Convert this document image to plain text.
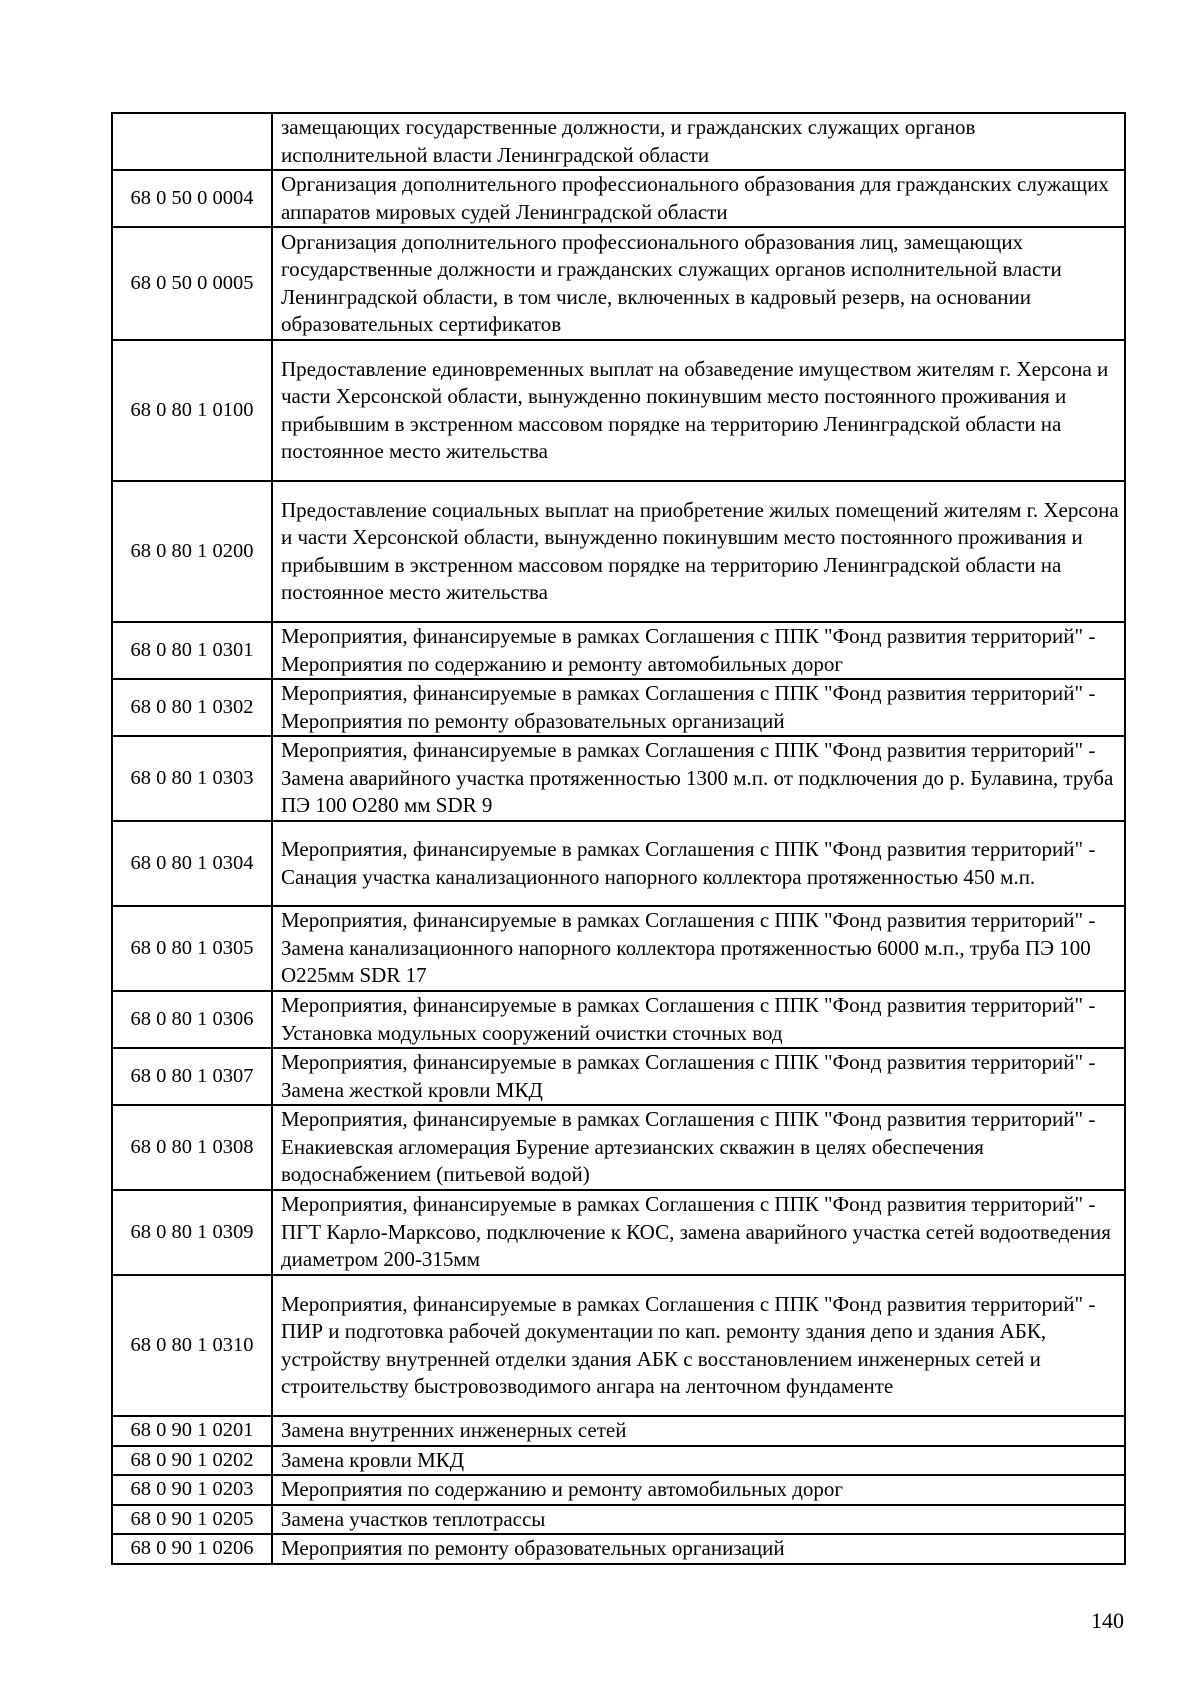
	замещающих государственные должности, и гражданских служащих органов исполнительной власти Ленинградской области
68 0 50 0 0004	Организация дополнительного профессионального образования для гражданских служащих аппаратов мировых судей Ленинградской области
68 0 50 0 0005	Организация дополнительного профессионального образования лиц, замещающих государственные должности и гражданских служащих органов исполнительной власти Ленинградской области, в том числе, включенных в кадровый резерв, на основании образовательных сертификатов
68 0 80 1 0100	Предоставление единовременных выплат на обзаведение имуществом жителям г. Херсона и части Херсонской области, вынужденно покинувшим место постоянного проживания и прибывшим в экстренном массовом порядке на территорию Ленинградской области на постоянное место жительства
68 0 80 1 0200	Предоставление социальных выплат на приобретение жилых помещений жителям г. Херсона и части Херсонской области, вынужденно покинувшим место постоянного проживания и прибывшим в экстренном массовом порядке на территорию Ленинградской области на постоянное место жительства
68 0 80 1 0301	Мероприятия, финансируемые в рамках Соглашения с ППК "Фонд развития территорий" - Мероприятия по содержанию и ремонту автомобильных дорог
68 0 80 1 0302	Мероприятия, финансируемые в рамках Соглашения с ППК "Фонд развития территорий" - Мероприятия по ремонту образовательных организаций
68 0 80 1 0303	Мероприятия, финансируемые в рамках Соглашения с ППК "Фонд развития территорий" - Замена аварийного участка протяженностью 1300 м.п. от подключения до р. Булавина, труба ПЭ 100 О280 мм SDR 9
68 0 80 1 0304	Мероприятия, финансируемые в рамках Соглашения с ППК "Фонд развития территорий" - Санация участка канализационного напорного коллектора протяженностью 450 м.п.
68 0 80 1 0305	Мероприятия, финансируемые в рамках Соглашения с ППК "Фонд развития территорий" - Замена канализационного напорного коллектора протяженностью 6000 м.п., труба ПЭ 100 О225мм SDR 17
68 0 80 1 0306	Мероприятия, финансируемые в рамках Соглашения с ППК "Фонд развития территорий" - Установка модульных сооружений очистки сточных вод
68 0 80 1 0307	Мероприятия, финансируемые в рамках Соглашения с ППК "Фонд развития территорий" - Замена жесткой кровли МКД
68 0 80 1 0308	Мероприятия, финансируемые в рамках Соглашения с ППК "Фонд развития территорий" - Енакиевская агломерация Бурение артезианских скважин в целях обеспечения водоснабжением (питьевой водой)
68 0 80 1 0309	Мероприятия, финансируемые в рамках Соглашения с ППК "Фонд развития территорий" - ПГТ Карло-Марксово, подключение к КОС, замена аварийного участка сетей водоотведения диаметром 200-315мм
68 0 80 1 0310	Мероприятия, финансируемые в рамках Соглашения с ППК "Фонд развития территорий" - ПИР и подготовка рабочей документации по кап. ремонту здания депо и здания АБК, устройству внутренней отделки здания АБК с восстановлением инженерных сетей и строительству быстровозводимого ангара на ленточном фундаменте
68 0 90 1 0201	Замена внутренних инженерных сетей
68 0 90 1 0202	Замена кровли МКД
68 0 90 1 0203	Мероприятия по содержанию и ремонту автомобильных дорог
68 0 90 1 0205	Замена участков теплотрассы
68 0 90 1 0206	Мероприятия по ремонту образовательных организаций
140
